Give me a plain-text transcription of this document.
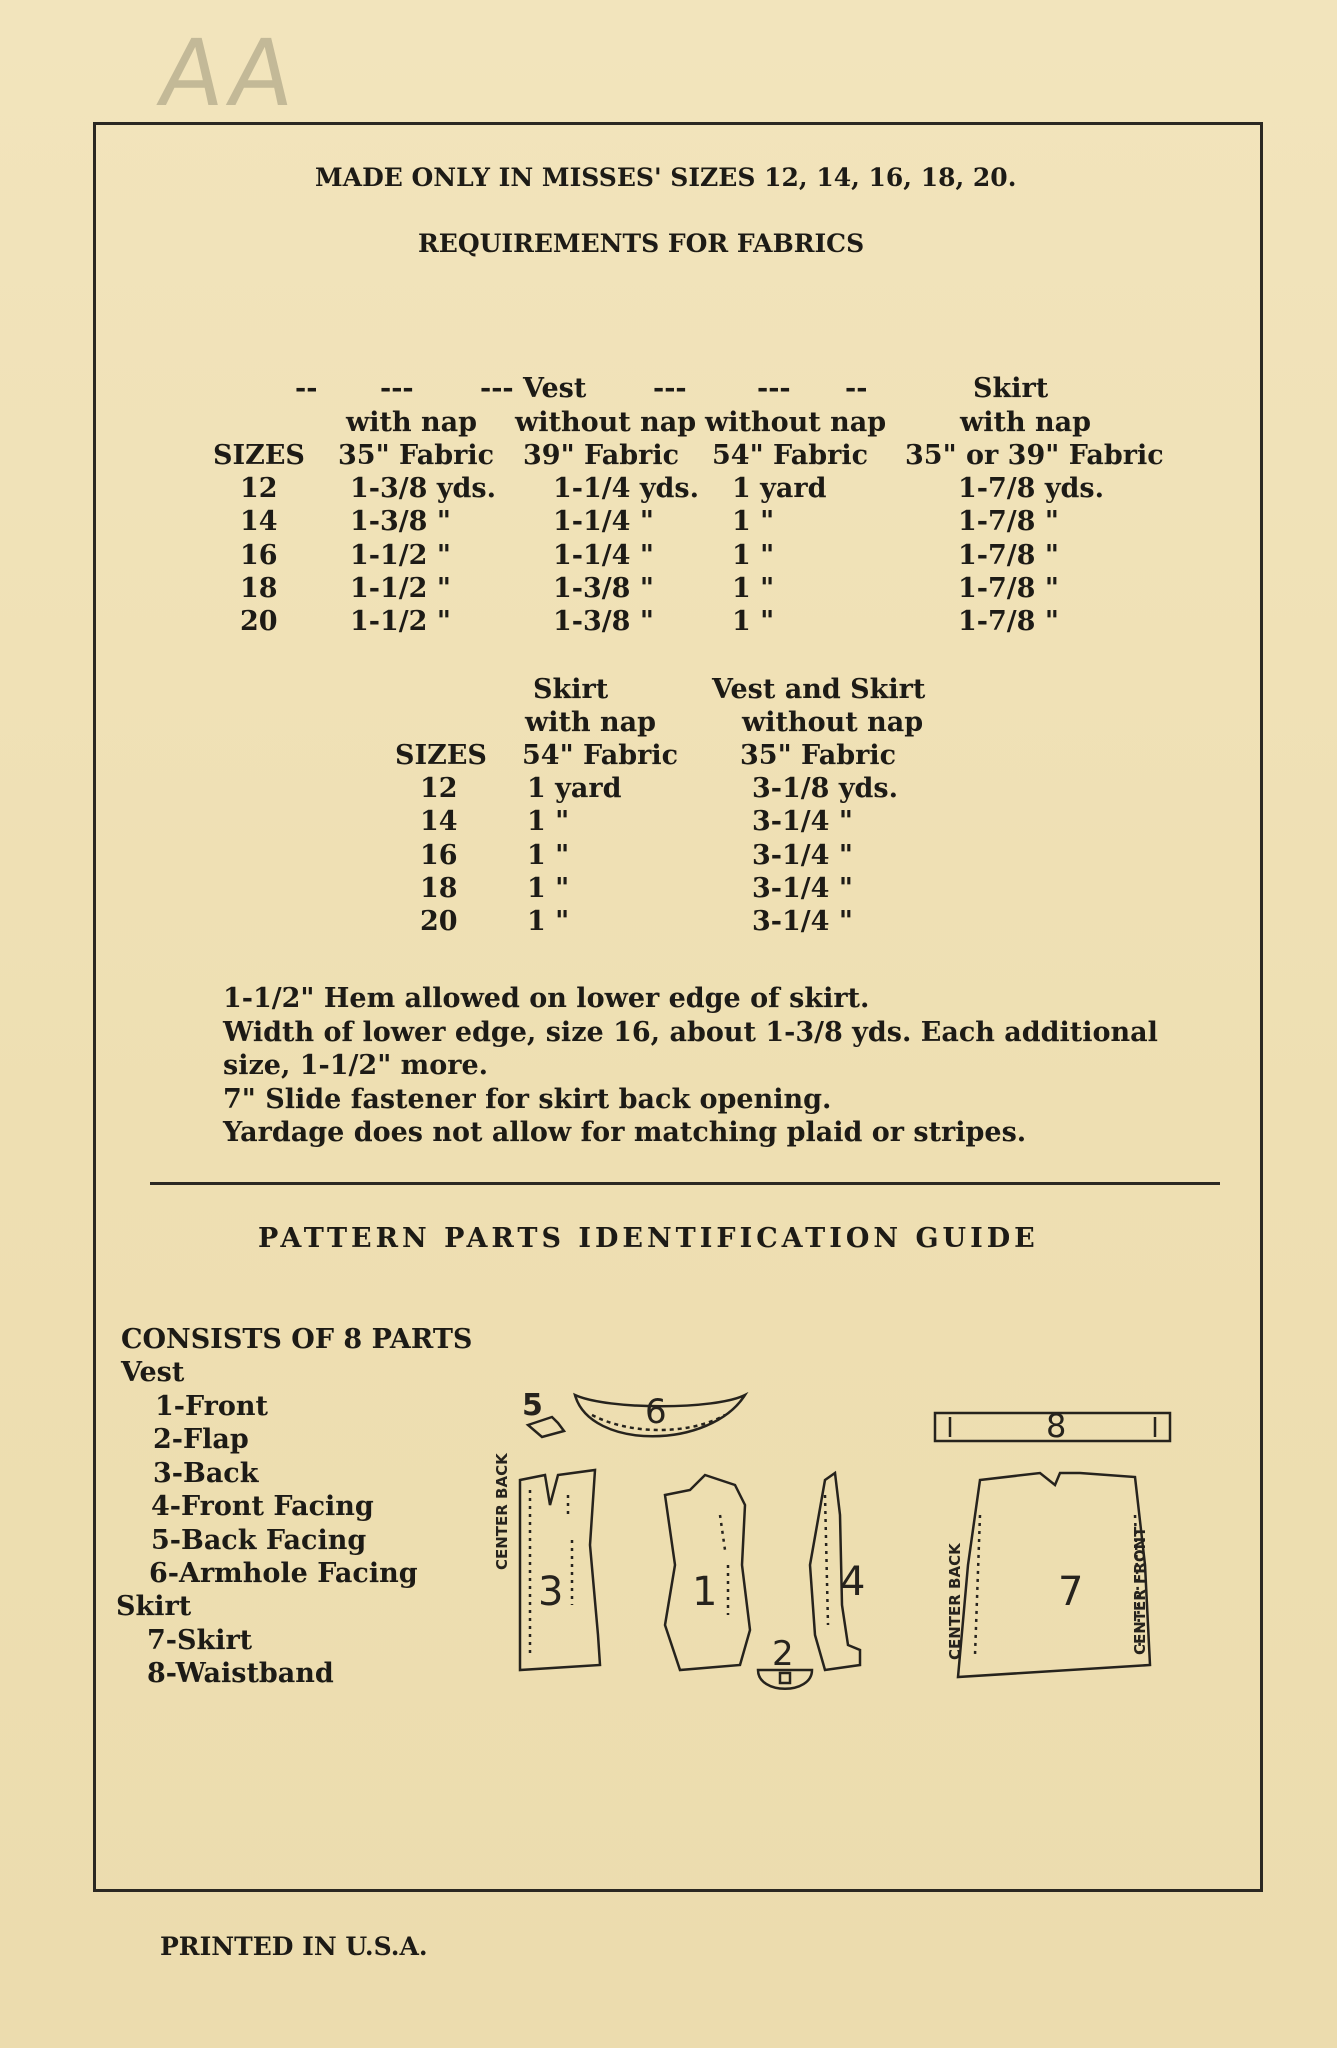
AA
MADE ONLY IN MISSES' SIZES 12, 14, 16, 18, 20.
REQUIREMENTS FOR FABRICS
-- --- --- Vest ---	--- --	Skirt
with nap without nap without nap	with nap
SIZES 35" Fabric 39" Fabric 54" Fabric 35" or 39" Fabric
12	1-3/8 yds. 1-1/4 yds. 1 yard	1-7/8 yds.
14	1-3/8 "	1-1/4 "	1 "	1-7/8 "
16	1-1/2 "	1-1/4 "	1 "	1-7/8 "
18	1-1/2 "	1-3/8 "	1 "	1-7/8 "
20	1-1/2 "	1-3/8 "	1 "	1-7/8 "
Skirt	Vest and Skirt
with nap	without nap
SIZES 54" Fabric 35" Fabric
12	1 yard	3-1/8 yds.
14	1 "	3-1/4 "
16	1 "	3-1/4 "
18	1 "	3-1/4 "
20	1 "	3-1/4 "
1-1/2" Hem allowed on lower edge of skirt.
Width of lower edge, size 16, about 1-3/8 yds. Each additional
size, 1-1/2" more.
7" Slide fastener for skirt back opening.
Yardage does not allow for matching plaid or stripes.
PATTERN PARTS IDENTIFICATION GUIDE
CONSISTS OF 8 PARTS
Vest
1-Front
2-Flap
3-Back
4-Front Facing
5-Back Facing
6-Armhole Facing
Skirt
7-Skirt
8-Waistband
5	6
3	1	4
2
8
7
CENTER BACK
CENTER BACK	CENTER FRONT
PRINTED IN U.S.A.
